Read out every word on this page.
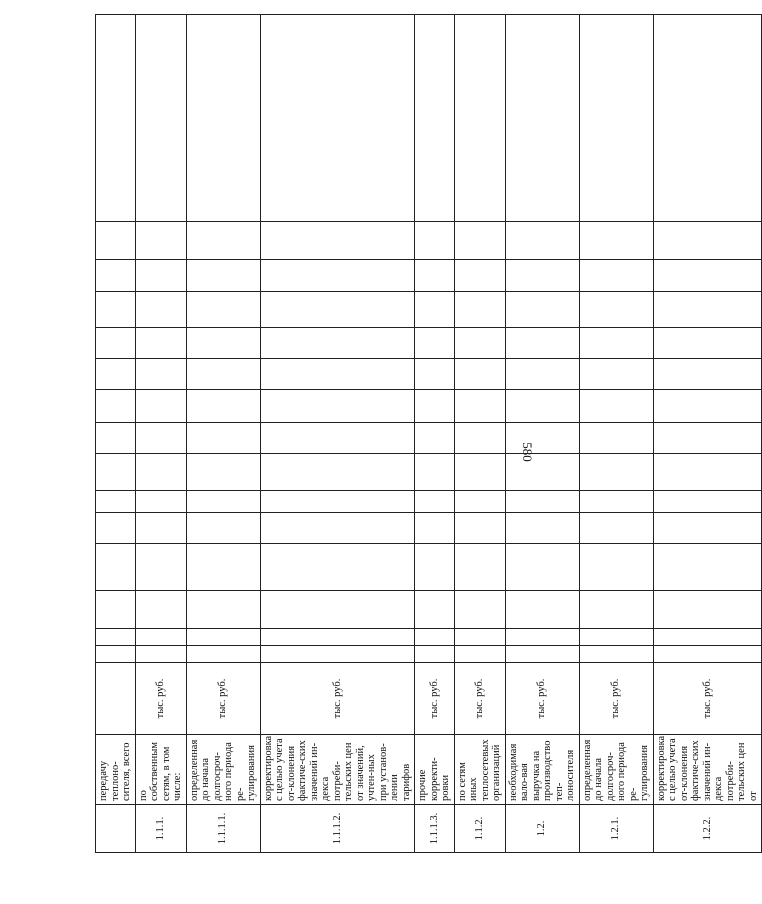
580
	передачу теплоно-сителя, всего																
1.1.1.	по собственным сетям, в том числе:	тыс. руб.															
1.1.1.1.	определенная до начала долгосроч-ного периода ре-гулирования	тыс. руб.															
1.1.1.2.	корректировка с целью учета от-клонения фактиче-ских значений ин-декса потреби-тельских цен от значений, учтен-ных при установ-лении тарифов	тыс. руб.															
1.1.1.3.	прочие корректи-ровки	тыс. руб.															
1.1.2.	по сетям иных теплосетевых организаций	тыс. руб.															
1.2.	необходимая вало-вая выручка на производство теп-лоносителя	тыс. руб.															
1.2.1.	определенная до начала долгосроч-ного периода ре-гулирования	тыс. руб.															
1.2.2.	корректировка с целью учета от-клонения фактиче-ских значений ин-декса потреби-тельских цен от	тыс. руб.															
